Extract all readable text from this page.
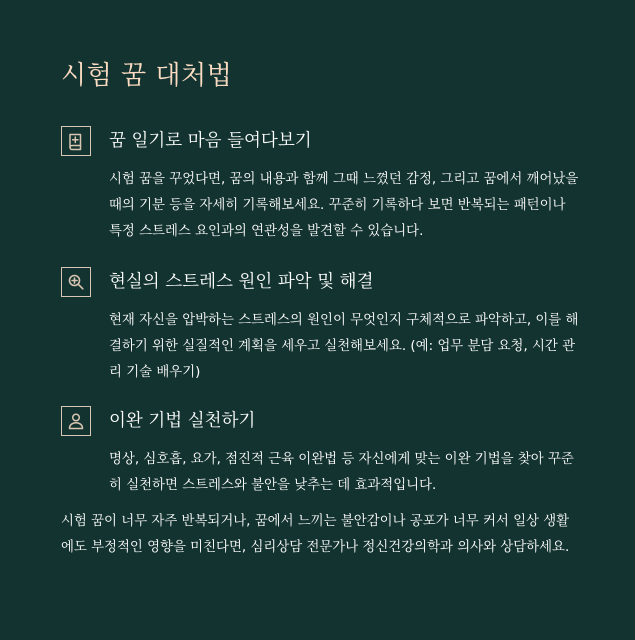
시험 꿈 대처법
꿈 일기로 마음 들여다보기

시험 꿈을 꾸었다면, 꿈의 내용과 함께 그때 느꼈던 감정, 그리고 꿈에서 깨어났을 때의 기분 등을 자세히 기록해보세요. 꾸준히 기록하다 보면 반복되는 패턴이나 특정 스트레스 요인과의 연관성을 발견할 수 있습니다.

현실의 스트레스 원인 파악 및 해결

현재 자신을 압박하는 스트레스의 원인이 무엇인지 구체적으로 파악하고, 이를 해결하기 위한 실질적인 계획을 세우고 실천해보세요. (예: 업무 분담 요청, 시간 관리 기술 배우기)

이완 기법 실천하기

명상, 심호흡, 요가, 점진적 근육 이완법 등 자신에게 맞는 이완 기법을 찾아 꾸준히 실천하면 스트레스와 불안을 낮추는 데 효과적입니다.

시험 꿈이 너무 자주 반복되거나, 꿈에서 느끼는 불안감이나 공포가 너무 커서 일상 생활에도 부정적인 영향을 미친다면, 심리상담 전문가나 정신건강의학과 의사와 상담하세요.
